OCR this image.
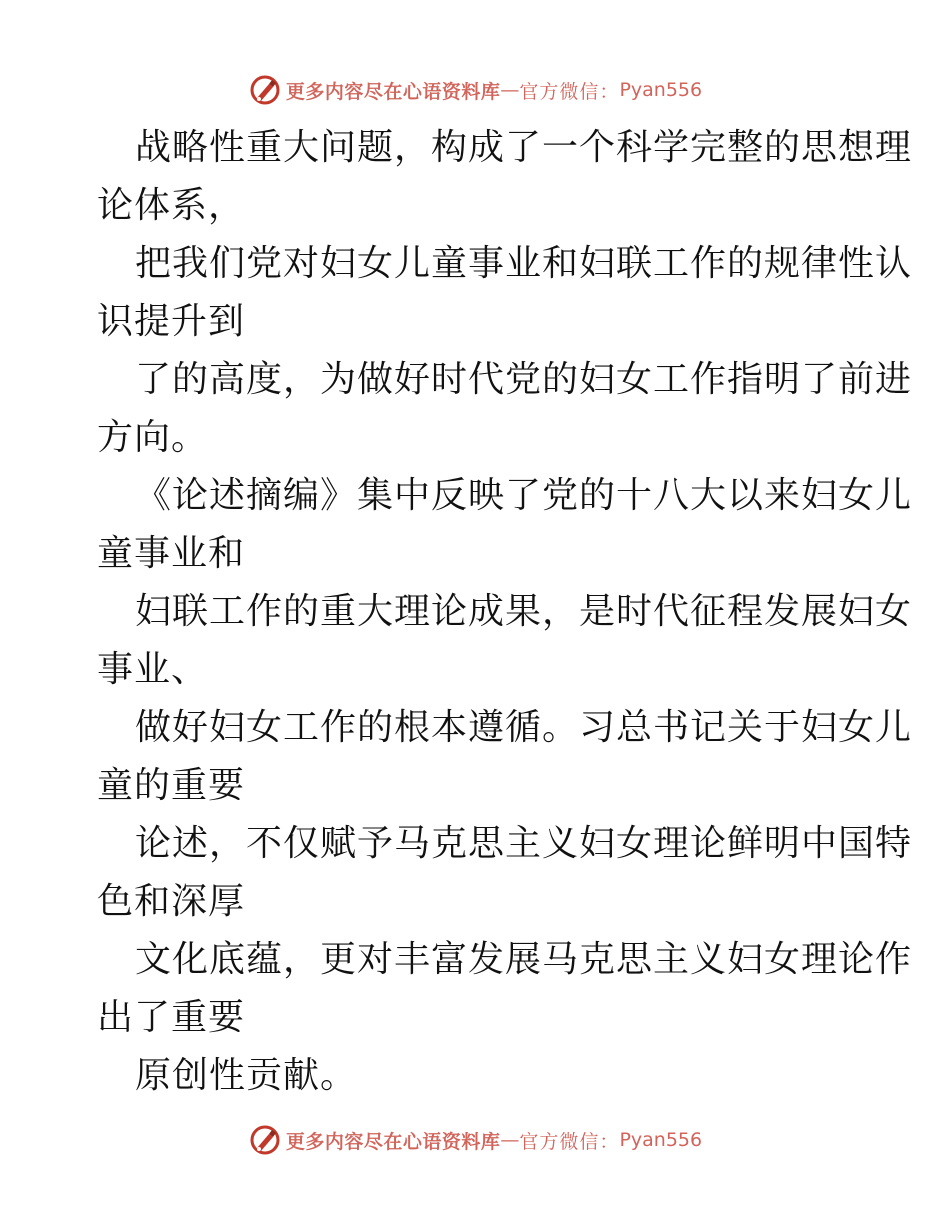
更多内容尽在心语资料库 — 官方微信： Pyan556
战略性重大问题，构成了一个科学完整的思想理
论体系，
把我们党对妇女儿童事业和妇联工作的规律性认
识提升到
了的高度，为做好时代党的妇女工作指明了前进
方向。
《论述摘编》集中反映了党的十八大以来妇女儿
童事业和
妇联工作的重大理论成果，是时代征程发展妇女
事业、
做好妇女工作的根本遵循。习总书记关于妇女儿
童的重要
论述，不仅赋予马克思主义妇女理论鲜明中国特
色和深厚
文化底蕴，更对丰富发展马克思主义妇女理论作
出了重要
原创性贡献。
更多内容尽在心语资料库 — 官方微信： Pyan556
